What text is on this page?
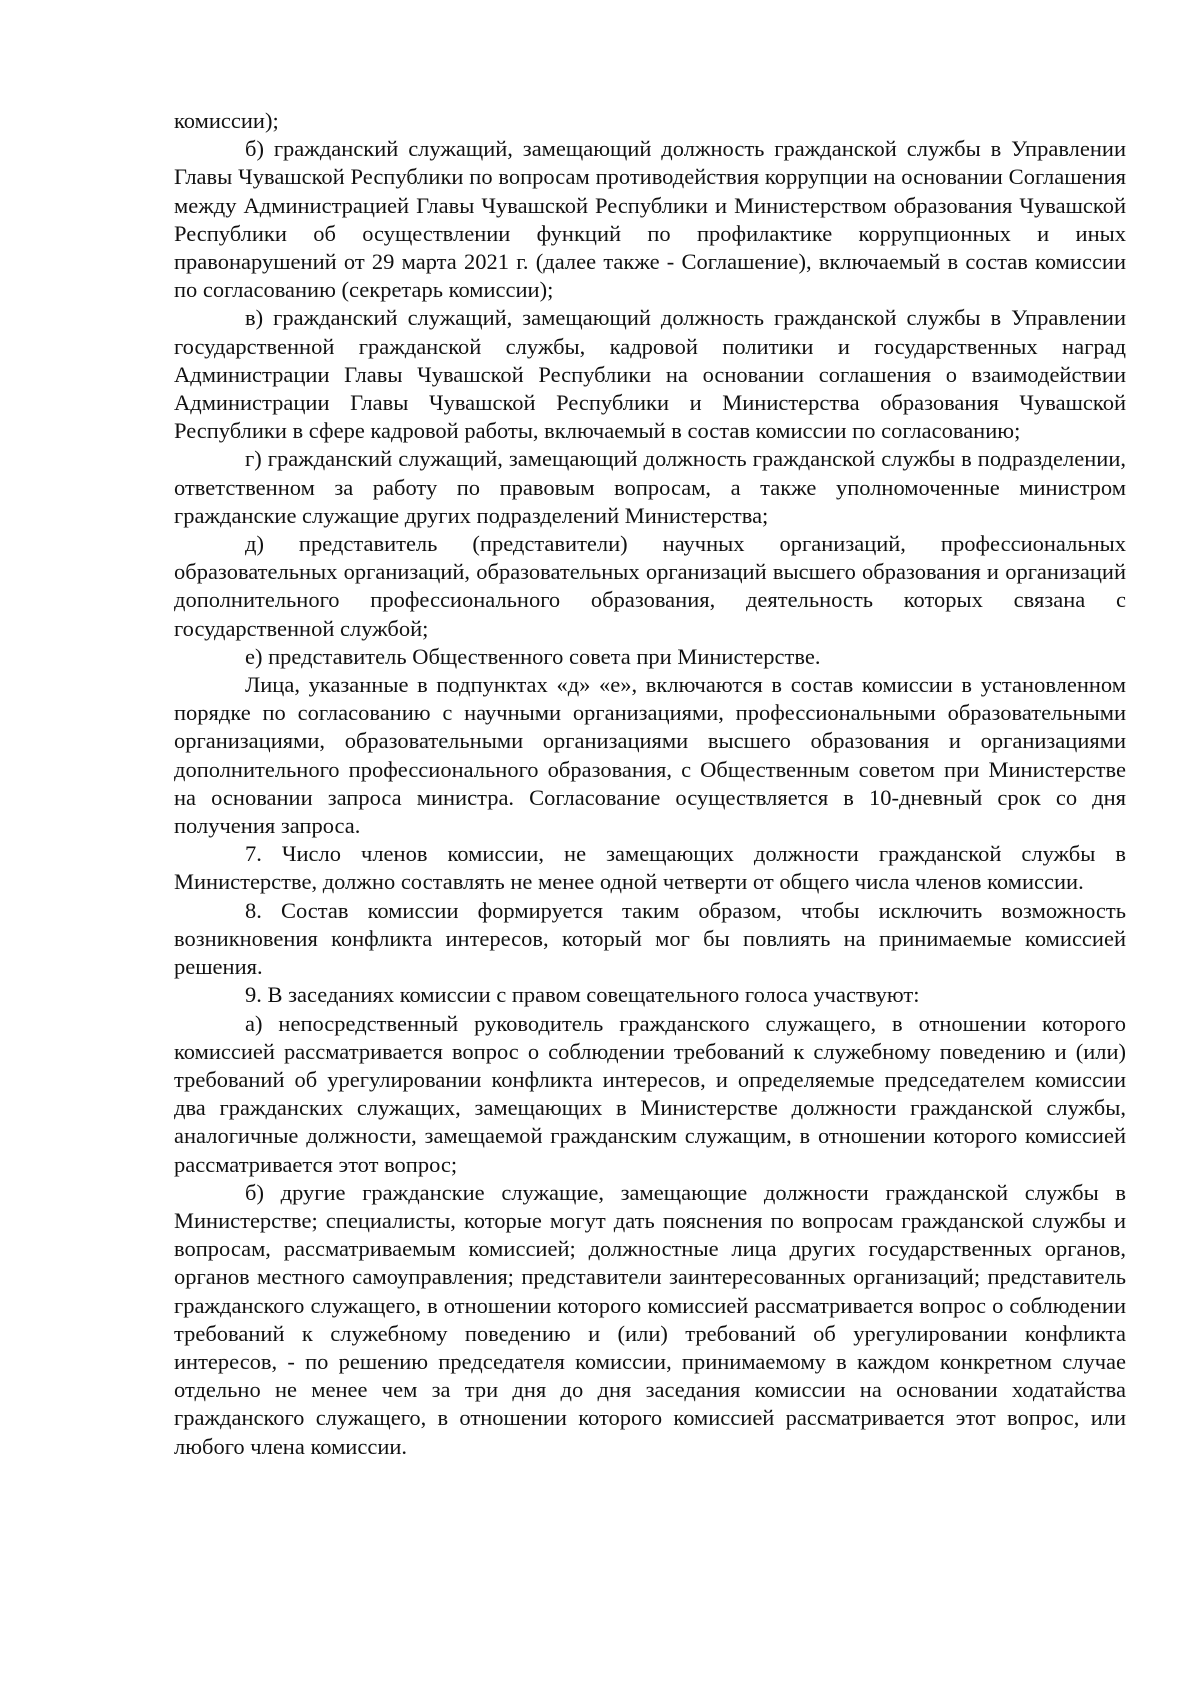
комиссии);

б) гражданский служащий, замещающий должность гражданской службы в Управлении Главы Чувашской Республики по вопросам противодействия коррупции на основании Соглашения между Администрацией Главы Чувашской Республики и Министерством образования Чувашской Республики об осуществлении функций по профилактике коррупционных и иных правонарушений от 29 марта 2021 г. (далее также - Соглашение), включаемый в состав комиссии по согласованию (секретарь комиссии);

в) гражданский служащий, замещающий должность гражданской службы в Управлении государственной гражданской службы, кадровой политики и государственных наград Администрации Главы Чувашской Республики на основании соглашения о взаимодействии Администрации Главы Чувашской Республики и Министерства образования Чувашской Республики в сфере кадровой работы, включаемый в состав комиссии по согласованию;

г) гражданский служащий, замещающий должность гражданской службы в подразделении, ответственном за работу по правовым вопросам, а также уполномоченные министром гражданские служащие других подразделений Министерства;

д) представитель (представители) научных организаций, профессиональных образовательных организаций, образовательных организаций высшего образования и организаций дополнительного профессионального образования, деятельность которых связана с государственной службой;

е) представитель Общественного совета при Министерстве.

Лица, указанные в подпунктах «д» «е», включаются в состав комиссии в установленном порядке по согласованию с научными организациями, профессиональными образовательными организациями, образовательными организациями высшего образования и организациями дополнительного профессионального образования, с Общественным советом при Министерстве на основании запроса министра. Согласование осуществляется в 10-дневный срок со дня получения запроса.

7. Число членов комиссии, не замещающих должности гражданской службы в Министерстве, должно составлять не менее одной четверти от общего числа членов комиссии.

8. Состав комиссии формируется таким образом, чтобы исключить возможность возникновения конфликта интересов, который мог бы повлиять на принимаемые комиссией решения.

9. В заседаниях комиссии с правом совещательного голоса участвуют:

а) непосредственный руководитель гражданского служащего, в отношении которого комиссией рассматривается вопрос о соблюдении требований к служебному поведению и (или) требований об урегулировании конфликта интересов, и определяемые председателем комиссии два гражданских служащих, замещающих в Министерстве должности гражданской службы, аналогичные должности, замещаемой гражданским служащим, в отношении которого комиссией рассматривается этот вопрос;

б) другие гражданские служащие, замещающие должности гражданской службы в Министерстве; специалисты, которые могут дать пояснения по вопросам гражданской службы и вопросам, рассматриваемым комиссией; должностные лица других государственных органов, органов местного самоуправления; представители заинтересованных организаций; представитель гражданского служащего, в отношении которого комиссией рассматривается вопрос о соблюдении требований к служебному поведению и (или) требований об урегулировании конфликта интересов, - по решению председателя комиссии, принимаемому в каждом конкретном случае отдельно не менее чем за три дня до дня заседания комиссии на основании ходатайства гражданского служащего, в отношении которого комиссией рассматривается этот вопрос, или любого члена комиссии.
